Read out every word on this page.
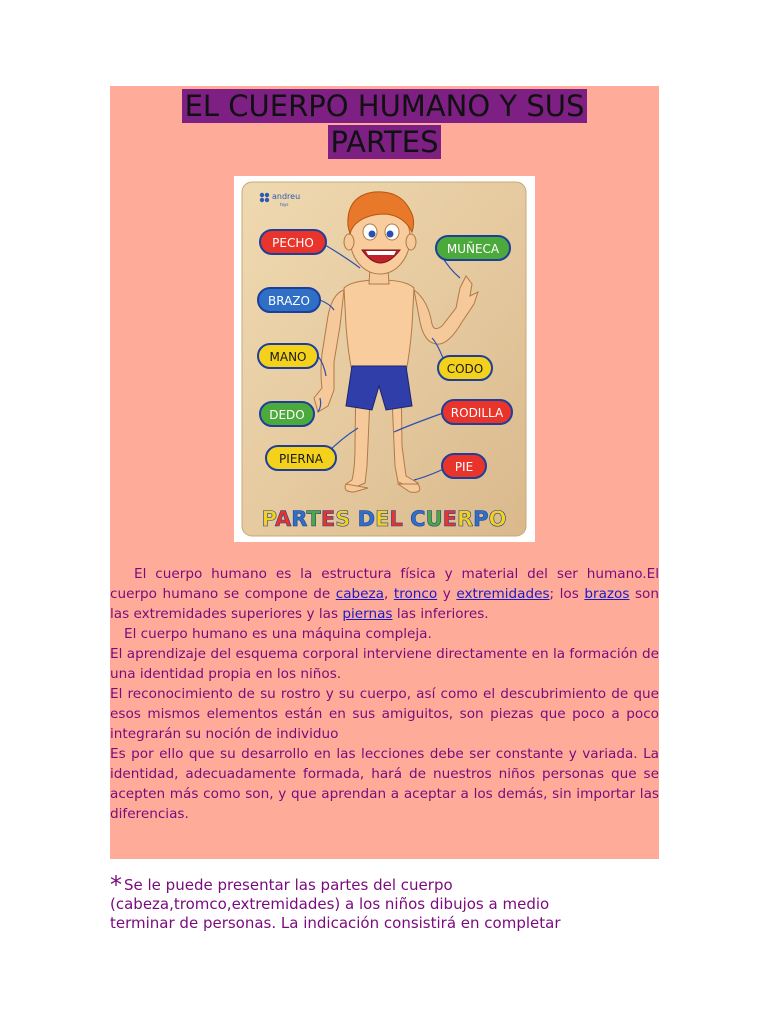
EL CUERPO HUMANO Y SUS
PARTES
andreu
toys
PECHO
BRAZO
MANO
DEDO
PIERNA
MUÑECA
CODO
RODILLA
PIE
PARTES DEL CUERPO

El cuerpo humano es la estructura física y material del ser humano.El cuerpo humano se compone de cabeza, tronco y extremidades; los brazos son las extremidades superiores y las piernas las inferiores.

El cuerpo humano es una máquina compleja.

El aprendizaje del esquema corporal interviene directamente en la formación de una identidad propia en los niños.

El reconocimiento de su rostro y su cuerpo, así como el descubrimiento de que esos mismos elementos están en sus amiguitos, son piezas que poco a poco integrarán su noción de individuo

Es por ello que su desarrollo en las lecciones debe ser constante y variada. La identidad, adecuadamente formada, hará de nuestros niños personas que se acepten más como son, y que aprendan a aceptar a los demás, sin importar las diferencias.

* Se le puede presentar las partes del cuerpo

(cabeza,tromco,extremidades) a los niños dibujos a medio

terminar de personas. La indicación consistirá en completar
